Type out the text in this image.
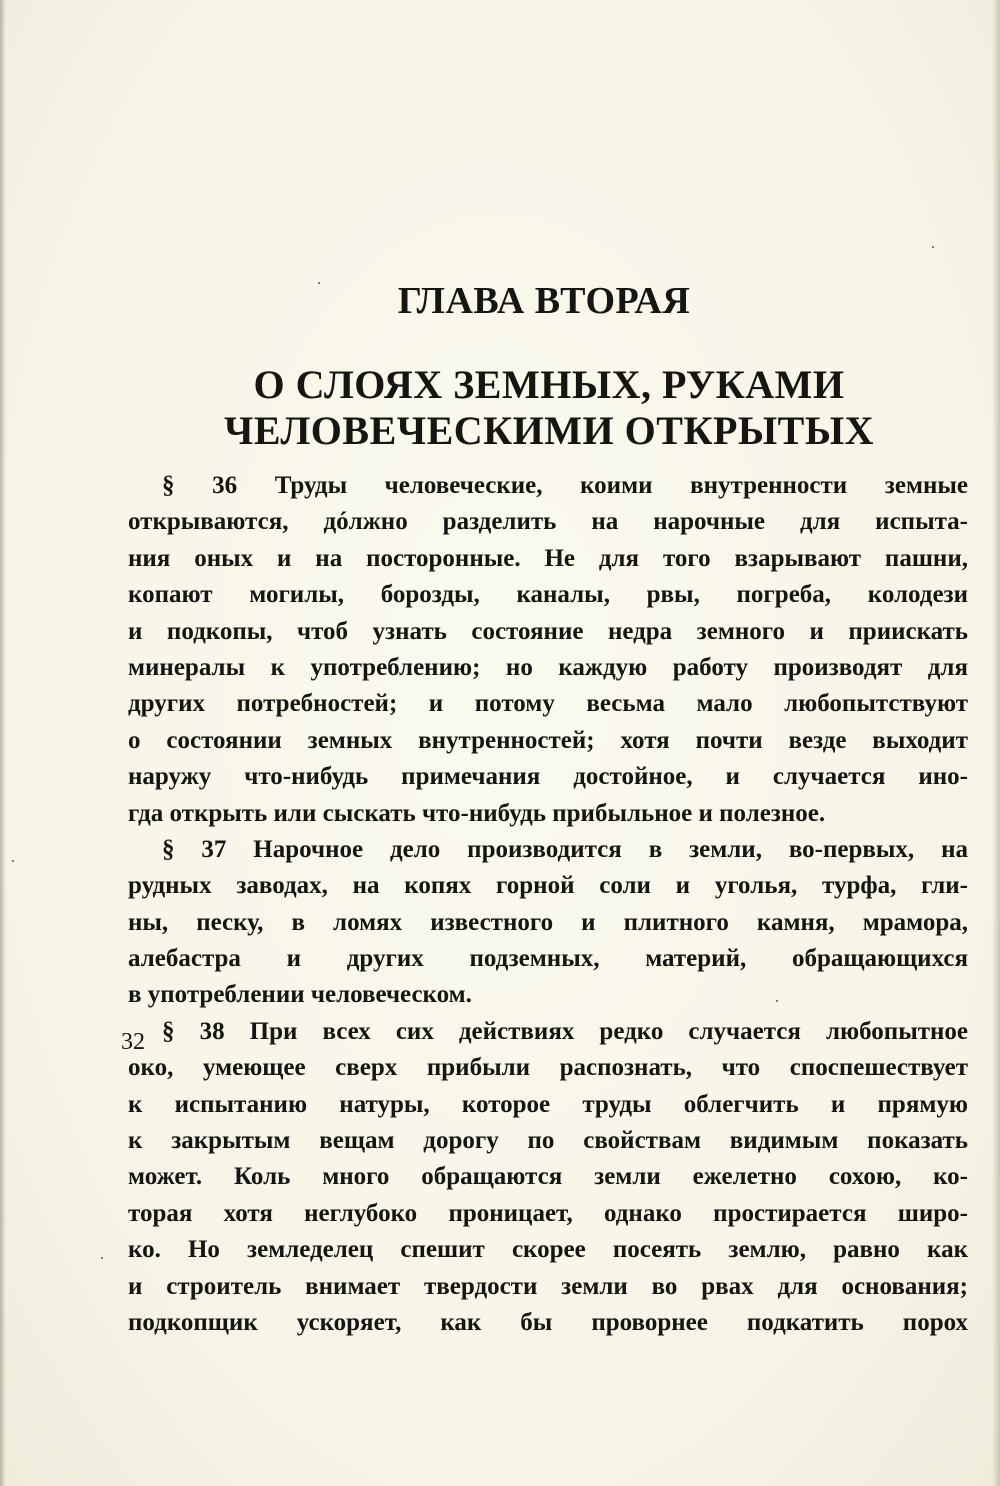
ГЛАВА ВТОРАЯ
О СЛОЯХ ЗЕМНЫХ, РУКАМИ
ЧЕЛОВЕЧЕСКИМИ ОТКРЫТЫХ
§ 36 Труды человеческие, коими внутренности земные
открываются, дóлжно разделить на нарочные для испыта-
ния оных и на посторонные. Не для того взарывают пашни,
копают могилы, борозды, каналы, рвы, погреба, колодези
и подкопы, чтоб узнать состояние недра земного и приискать
минералы к употреблению; но каждую работу производят для
других потребностей; и потому весьма мало любопытствуют
о состоянии земных внутренностей; хотя почти везде выходит
наружу что-нибудь примечания достойное, и случается ино-
гда открыть или сыскать что-нибудь прибыльное и полезное.
§ 37 Нарочное дело производится в земли, во-первых, на
рудных заводах, на копях горной соли и уголья, турфа, гли-
ны, песку, в ломях известного и плитного камня, мрамора,
алебастра и других подземных, материй, обращающихся
в употреблении человеческом.
§ 38 При всех сих действиях редко случается любопытное
око, умеющее сверх прибыли распознать, что споспешествует
к испытанию натуры, которое труды облегчить и прямую
к закрытым вещам дорогу по свойствам видимым показать
может. Коль много обращаются земли ежелетно сохою, ко-
торая хотя неглубоко проницает, однако простирается широ-
ко. Но земледелец спешит скорее посеять землю, равно как
и строитель внимает твердости земли во рвах для основания;
подкопщик ускоряет, как бы проворнее подкатить порох
32
